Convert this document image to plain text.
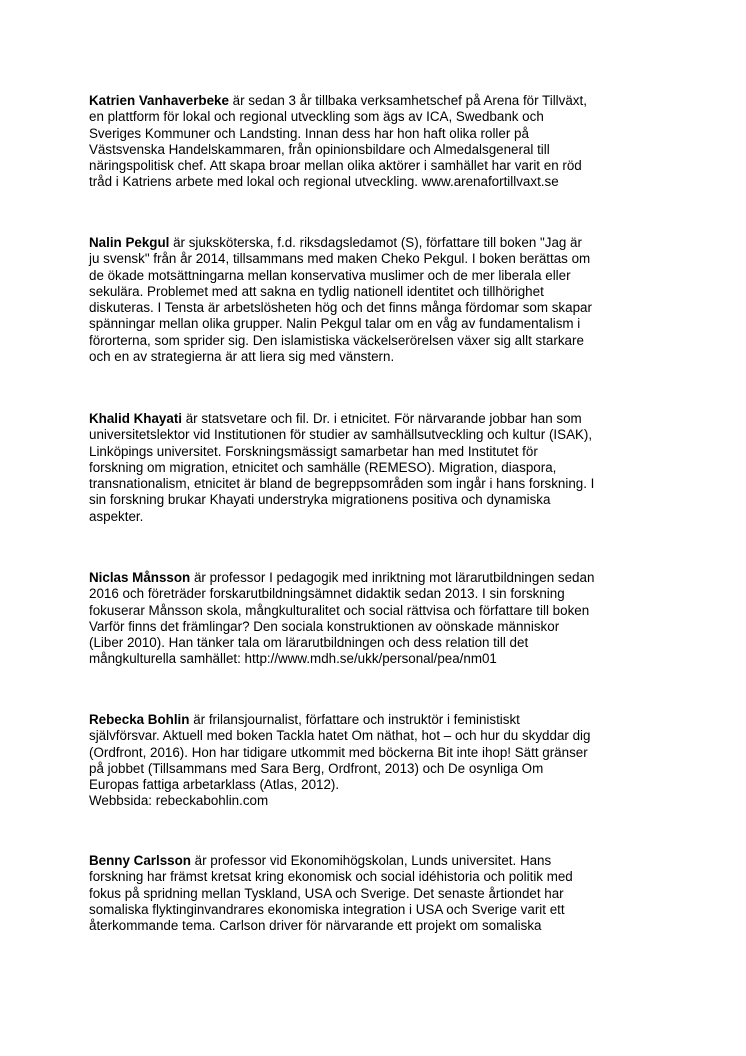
Katrien Vanhaverbeke är sedan 3 år tillbaka verksamhetschef på Arena för Tillväxt,
en plattform för lokal och regional utveckling som ägs av ICA, Swedbank och
Sveriges Kommuner och Landsting. Innan dess har hon haft olika roller på
Västsvenska Handelskammaren, från opinionsbildare och Almedalsgeneral till
näringspolitisk chef. Att skapa broar mellan olika aktörer i samhället har varit en röd
tråd i Katriens arbete med lokal och regional utveckling. www.arenafortillvaxt.se

Nalin Pekgul är sjuksköterska, f.d. riksdagsledamot (S), författare till boken "Jag är
ju svensk" från år 2014, tillsammans med maken Cheko Pekgul. I boken berättas om
de ökade motsättningarna mellan konservativa muslimer och de mer liberala eller
sekulära. Problemet med att sakna en tydlig nationell identitet och tillhörighet
diskuteras. I Tensta är arbetslösheten hög och det finns många fördomar som skapar
spänningar mellan olika grupper. Nalin Pekgul talar om en våg av fundamentalism i
förorterna, som sprider sig. Den islamistiska väckelserörelsen växer sig allt starkare
och en av strategierna är att liera sig med vänstern.

Khalid Khayati är statsvetare och fil. Dr. i etnicitet. För närvarande jobbar han som
universitetslektor vid Institutionen för studier av samhällsutveckling och kultur (ISAK),
Linköpings universitet. Forskningsmässigt samarbetar han med Institutet för
forskning om migration, etnicitet och samhälle (REMESO). Migration, diaspora,
transnationalism, etnicitet är bland de begreppsområden som ingår i hans forskning. I
sin forskning brukar Khayati understryka migrationens positiva och dynamiska
aspekter.

Niclas Månsson är professor I pedagogik med inriktning mot lärarutbildningen sedan
2016 och företräder forskarutbildningsämnet didaktik sedan 2013. I sin forskning
fokuserar Månsson skola, mångkulturalitet och social rättvisa och författare till boken
Varför finns det främlingar? Den sociala konstruktionen av oönskade människor
(Liber 2010). Han tänker tala om lärarutbildningen och dess relation till det
mångkulturella samhället: http://www.mdh.se/ukk/personal/pea/nm01

Rebecka Bohlin är frilansjournalist, författare och instruktör i feministiskt
självförsvar. Aktuell med boken Tackla hatet Om näthat, hot – och hur du skyddar dig
(Ordfront, 2016). Hon har tidigare utkommit med böckerna Bit inte ihop! Sätt gränser
på jobbet (Tillsammans med Sara Berg, Ordfront, 2013) och De osynliga Om
Europas fattiga arbetarklass (Atlas, 2012).
Webbsida: rebeckabohlin.com

Benny Carlsson är professor vid Ekonomihögskolan, Lunds universitet. Hans
forskning har främst kretsat kring ekonomisk och social idéhistoria och politik med
fokus på spridning mellan Tyskland, USA och Sverige. Det senaste årtiondet har
somaliska flyktinginvandrares ekonomiska integration i USA och Sverige varit ett
återkommande tema. Carlson driver för närvarande ett projekt om somaliska
